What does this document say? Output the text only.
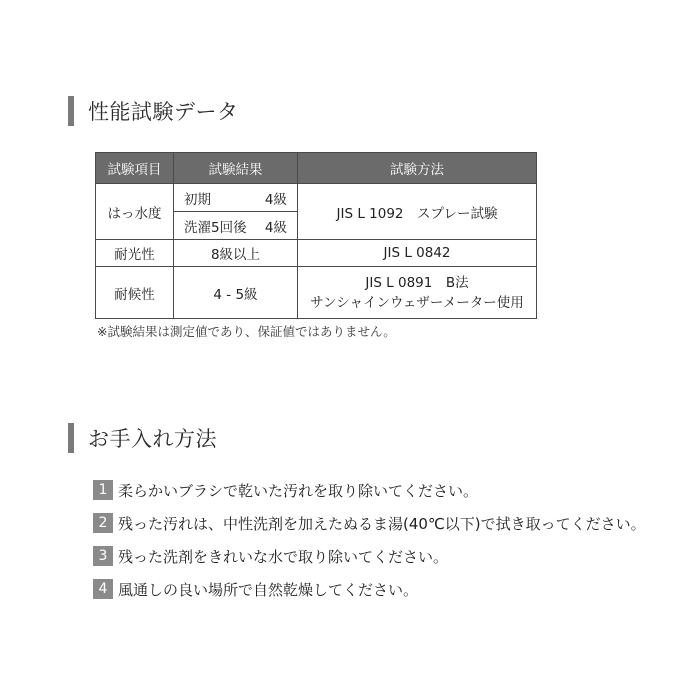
性能試験データ
試験項目	試験結果	試験方法
はっ水度	初期 4級	JIS L 1092　スプレー試験

	洗濯5回後 4級	

耐光性	8級以上	JIS L 0842
耐候性	4 - 5級	JIS L 0891　B法
サンシャインウェザーメーター使用
※試験結果は測定値であり、保証値ではありません。
お手入れ方法
1 柔らかいブラシで乾いた汚れを取り除いてください。
2 残った汚れは、中性洗剤を加えたぬるま湯(40℃以下)で拭き取ってください。
3 残った洗剤をきれいな水で取り除いてください。
4 風通しの良い場所で自然乾燥してください。
